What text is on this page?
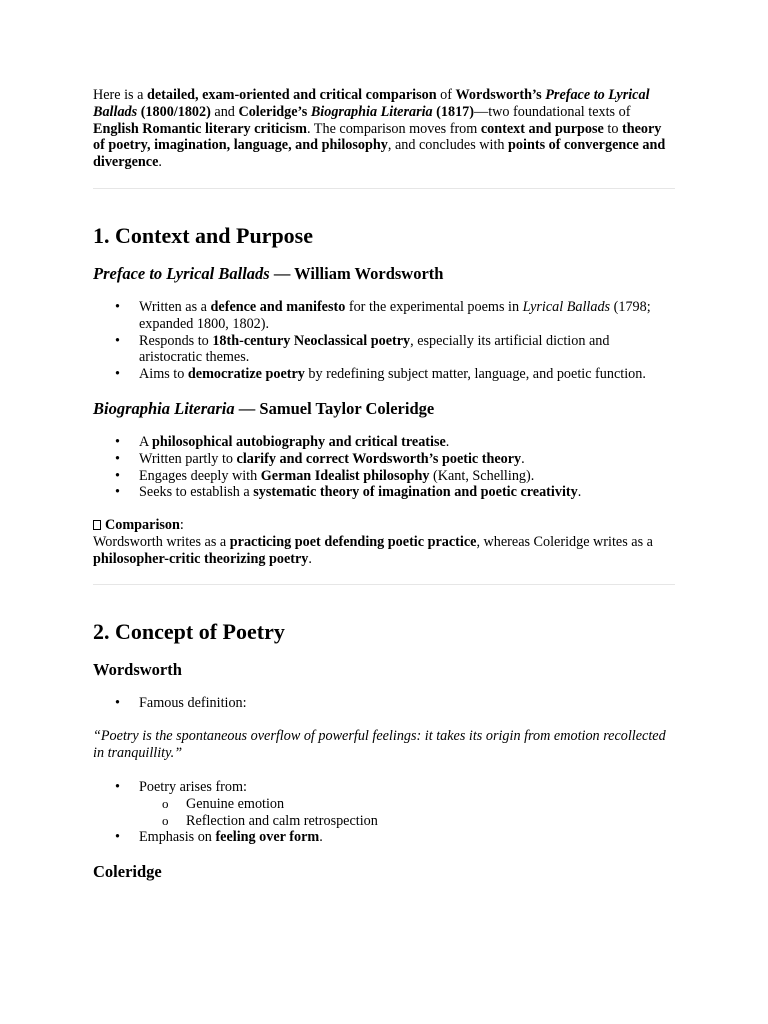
Here is a detailed, exam-oriented and critical comparison of Wordsworth’s Preface to Lyrical Ballads (1800/1802) and Coleridge’s Biographia Literaria (1817)—two foundational texts of English Romantic literary criticism. The comparison moves from context and purpose to theory of poetry, imagination, language, and philosophy, and concludes with points of convergence and divergence.

1. Context and Purpose
Preface to Lyrical Ballads — William Wordsworth
• Written as a defence and manifesto for the experimental poems in Lyrical Ballads (1798; expanded 1800, 1802).
• Responds to 18th-century Neoclassical poetry, especially its artificial diction and aristocratic themes.
• Aims to democratize poetry by redefining subject matter, language, and poetic function.
Biographia Literaria — Samuel Taylor Coleridge
• A philosophical autobiography and critical treatise.
• Written partly to clarify and correct Wordsworth’s poetic theory.
• Engages deeply with German Idealist philosophy (Kant, Schelling).
• Seeks to establish a systematic theory of imagination and poetic creativity.

Comparison:
Wordsworth writes as a practicing poet defending poetic practice, whereas Coleridge writes as a philosopher-critic theorizing poetry.

2. Concept of Poetry
Wordsworth
• Famous definition:

“Poetry is the spontaneous overflow of powerful feelings: it takes its origin from emotion recollected in tranquillity.”

• Poetry arises from:
o Genuine emotion
o Reflection and calm retrospection
• Emphasis on feeling over form.
Coleridge
